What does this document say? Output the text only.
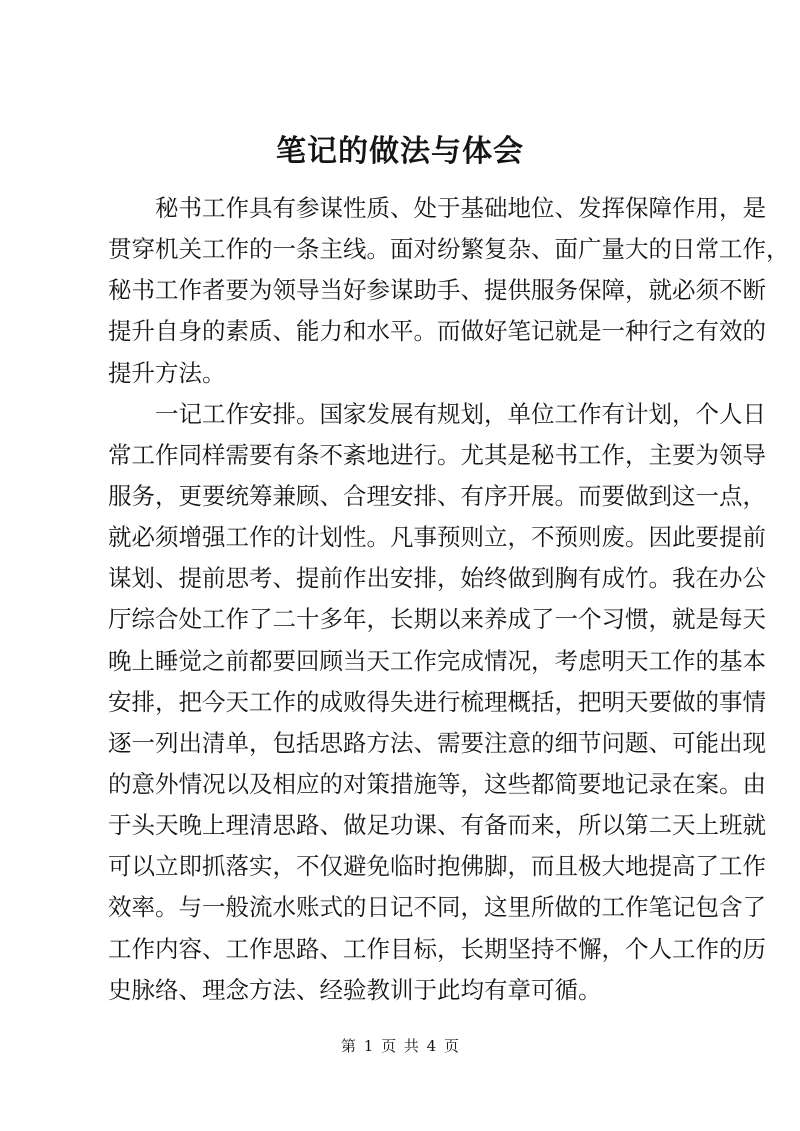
笔记的做法与体会
秘书工作具有参谋性质、处于基础地位、发挥保障作用，是
贯穿机关工作的一条主线。面对纷繁复杂、面广量大的日常工作，
秘书工作者要为领导当好参谋助手、提供服务保障，就必须不断
提升自身的素质、能力和水平。而做好笔记就是一种行之有效的
提升方法。
一记工作安排。国家发展有规划，单位工作有计划，个人日
常工作同样需要有条不紊地进行。尤其是秘书工作，主要为领导
服务，更要统筹兼顾、合理安排、有序开展。而要做到这一点，
就必须增强工作的计划性。凡事预则立，不预则废。因此要提前
谋划、提前思考、提前作出安排，始终做到胸有成竹。我在办公
厅综合处工作了二十多年，长期以来养成了一个习惯，就是每天
晚上睡觉之前都要回顾当天工作完成情况，考虑明天工作的基本
安排，把今天工作的成败得失进行梳理概括，把明天要做的事情
逐一列出清单，包括思路方法、需要注意的细节问题、可能出现
的意外情况以及相应的对策措施等，这些都简要地记录在案。由
于头天晚上理清思路、做足功课、有备而来，所以第二天上班就
可以立即抓落实，不仅避免临时抱佛脚，而且极大地提高了工作
效率。与一般流水账式的日记不同，这里所做的工作笔记包含了
工作内容、工作思路、工作目标，长期坚持不懈，个人工作的历
史脉络、理念方法、经验教训于此均有章可循。
第 1 页 共 4 页
